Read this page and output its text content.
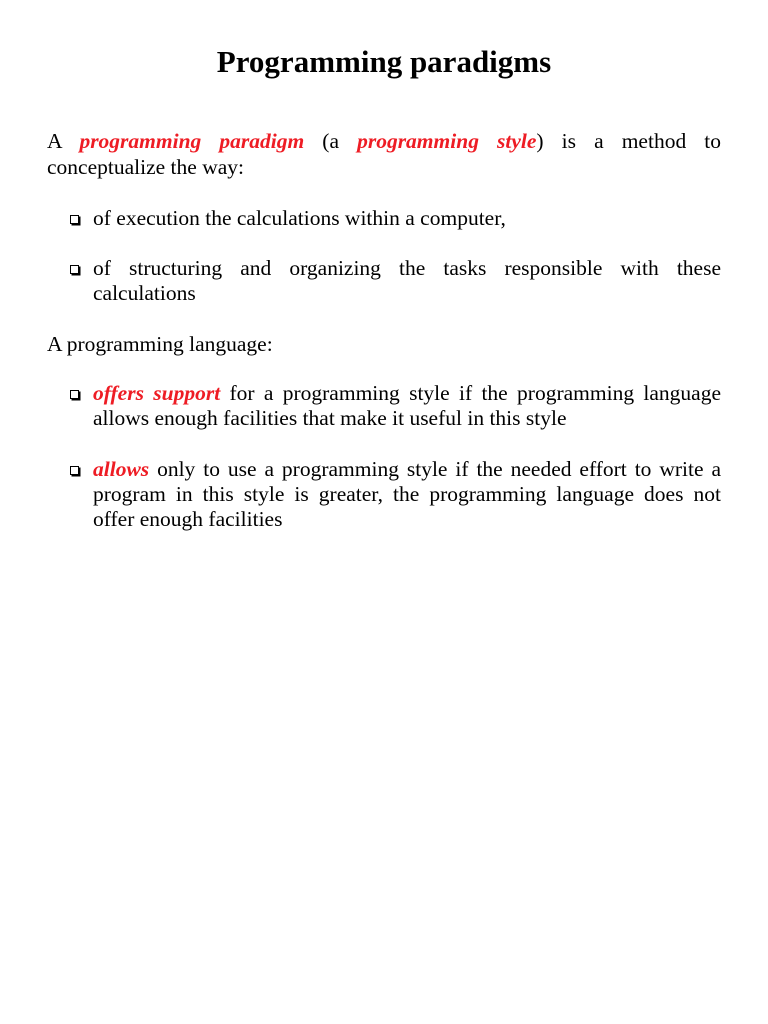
Programming paradigms

A programming paradigm (a programming style) is a method to conceptualize the way:

of execution the calculations within a computer,
of structuring and organizing the tasks responsible with these calculations

A programming language:

offers support for a programming style if the programming language allows enough facilities that make it useful in this style
allows only to use a programming style if the needed effort to write a program in this style is greater, the programming language does not offer enough facilities
